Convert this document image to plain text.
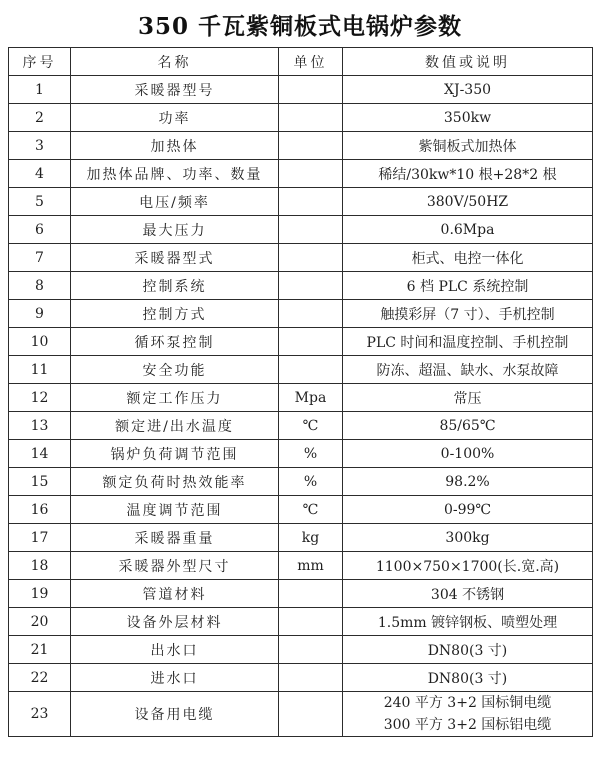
350 千瓦紫铜板式电锅炉参数
序号	名称	单位	数值或说明
1	采暖器型号		XJ-350
2	功率		350kw
3	加热体		紫铜板式加热体
4	加热体品牌、功率、数量		稀结/30kw*10 根+28*2 根
5	电压/频率		380V/50HZ
6	最大压力		0.6Mpa
7	采暖器型式		柜式、电控一体化
8	控制系统		6 档 PLC 系统控制
9	控制方式		触摸彩屏（7 寸）、手机控制
10	循环泵控制		PLC 时间和温度控制、手机控制
11	安全功能		防冻、超温、缺水、水泵故障
12	额定工作压力	Mpa	常压
13	额定进/出水温度	℃	85/65℃
14	锅炉负荷调节范围	%	0-100%
15	额定负荷时热效能率	%	98.2%
16	温度调节范围	℃	0-99℃
17	采暖器重量	kg	300kg
18	采暖器外型尺寸	mm	1100×750×1700(长.宽.高)
19	管道材料		304 不锈钢
20	设备外层材料		1.5mm 镀锌钢板、喷塑处理
21	出水口		DN80(3 寸)
22	进水口		DN80(3 寸)
23	设备用电缆		240 平方 3+2 国标铜电缆
300 平方 3+2 国标铝电缆
